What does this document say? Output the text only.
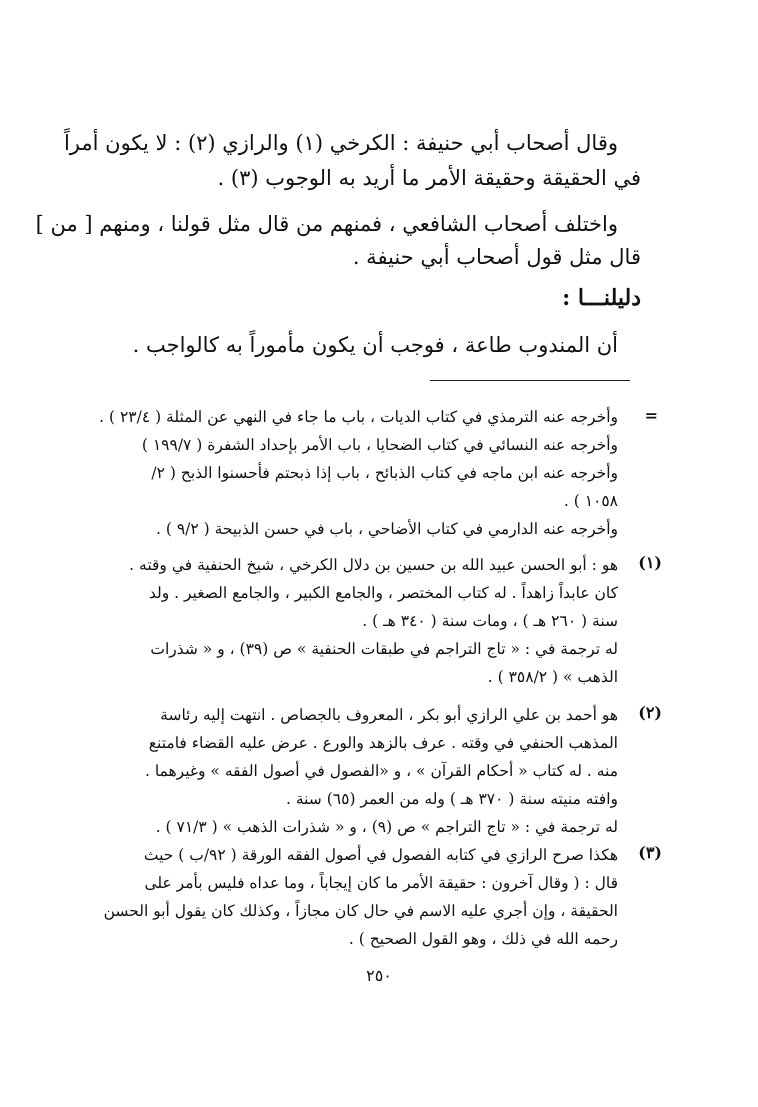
وقال أصحاب أبي حنيفة : الكرخي (١) والرازي (٢) : لا يكون أمراً
في الحقيقة وحقيقة الأمر ما أريد به الوجوب (٣) .
واختلف أصحاب الشافعي ، فمنهم من قال مثل قولنا ، ومنهم [ من ]
قال مثل قول أصحاب أبي حنيفة .
دليلنـــا :
أن المندوب طاعة ، فوجب أن يكون مأموراً به كالواجب .
=
وأخرجه عنه الترمذي في كتاب الديات ، باب ما جاء في النهي عن المثلة ( ٢٣/٤ ) .
وأخرجه عنه النسائي في كتاب الضحايا ، باب الأمر بإحداد الشفرة ( ١٩٩/٧ )
وأخرجه عنه ابن ماجه في كتاب الذبائح ، باب إذا ذبحتم فأحسنوا الذبح ( ٢/
١٠٥٨ ) .
وأخرجه عنه الدارمي في كتاب الأضاحي ، باب في حسن الذبيحة ( ٩/٢ ) .
(١)
هو : أبو الحسن عبيد الله بن حسين بن دلال الكرخي ، شيخ الحنفية في وقته .
كان عابداً زاهداً . له كتاب المختصر ، والجامع الكبير ، والجامع الصغير . ولد
سنة ( ٢٦٠ هـ ) ، ومات سنة ( ٣٤٠ هـ ) .
له ترجمة في : « تاج التراجم في طبقات الحنفية » ص (٣٩) ، و « شذرات
الذهب » ( ٣٥٨/٢ ) .
(٢)
هو أحمد بن علي الرازي أبو بكر ، المعروف بالجصاص . انتهت إليه رئاسة
المذهب الحنفي في وقته . عرف بالزهد والورع . عرض عليه القضاء فامتنع
منه . له كتاب « أحكام القرآن » ، و «الفصول في أصول الفقه » وغيرهما .
وافته منيته سنة ( ٣٧٠ هـ ) وله من العمر (٦٥) سنة .
له ترجمة في : « تاج التراجم » ص (٩) ، و « شذرات الذهب » ( ٧١/٣ ) .
(٣)
هكذا صرح الرازي في كتابه الفصول في أصول الفقه الورقة ( ٩٢/ب ) حيث
قال : ( وقال آخرون : حقيقة الأمر ما كان إيجاباً ، وما عداه فليس بأمر على
الحقيقة ، وإن أجري عليه الاسم في حال كان مجازاً ، وكذلك كان يقول أبو الحسن
رحمه الله في ذلك ، وهو القول الصحيح ) .
٢٥٠
